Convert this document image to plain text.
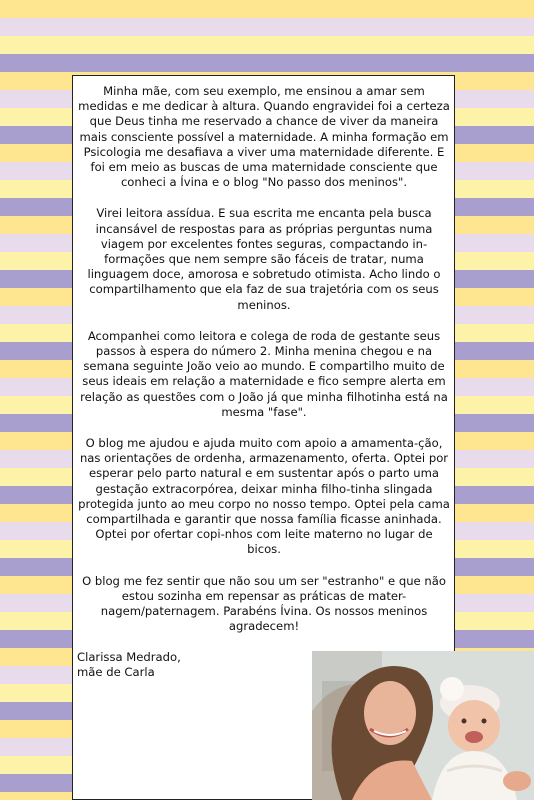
Minha mãe, com seu exemplo, me ensinou a amar sem medidas e me dedicar à altura. Quando engravidei foi a certeza que Deus tinha me reservado a chance de viver da maneira mais consciente possível a maternidade. A minha formação em Psicologia me desafiava a viver uma maternidade diferente. E foi em meio as buscas de uma maternidade consciente que conheci a Ívina e o blog "No passo dos meninos".

Virei leitora assídua. E sua escrita me encanta pela busca incansável de respostas para as próprias perguntas numa viagem por excelentes fontes seguras, compactando in-formações que nem sempre são fáceis de tratar, numa linguagem doce, amorosa e sobretudo otimista. Acho lindo o compartilhamento que ela faz de sua trajetória com os seus meninos.

Acompanhei como leitora e colega de roda de gestante seus passos à espera do número 2. Minha menina chegou e na semana seguinte João veio ao mundo. E compartilho muito de seus ideais em relação a maternidade e fico sempre alerta em relação as questões com o João já que minha filhotinha está na mesma "fase".

O blog me ajudou e ajuda muito com apoio a amamenta-ção, nas orientações de ordenha, armazenamento, oferta. Optei por esperar pelo parto natural e em sustentar após o parto uma gestação extracorpórea, deixar minha filho-tinha slingada protegida junto ao meu corpo no nosso tempo. Optei pela cama compartilhada e garantir que nossa família ficasse aninhada. Optei por ofertar copi-nhos com leite materno no lugar de bicos.

O blog me fez sentir que não sou um ser "estranho" e que não estou sozinha em repensar as práticas de mater-nagem/paternagem. Parabéns Ívina. Os nossos meninos agradecem!

Clarissa Medrado,

mãe de Carla
